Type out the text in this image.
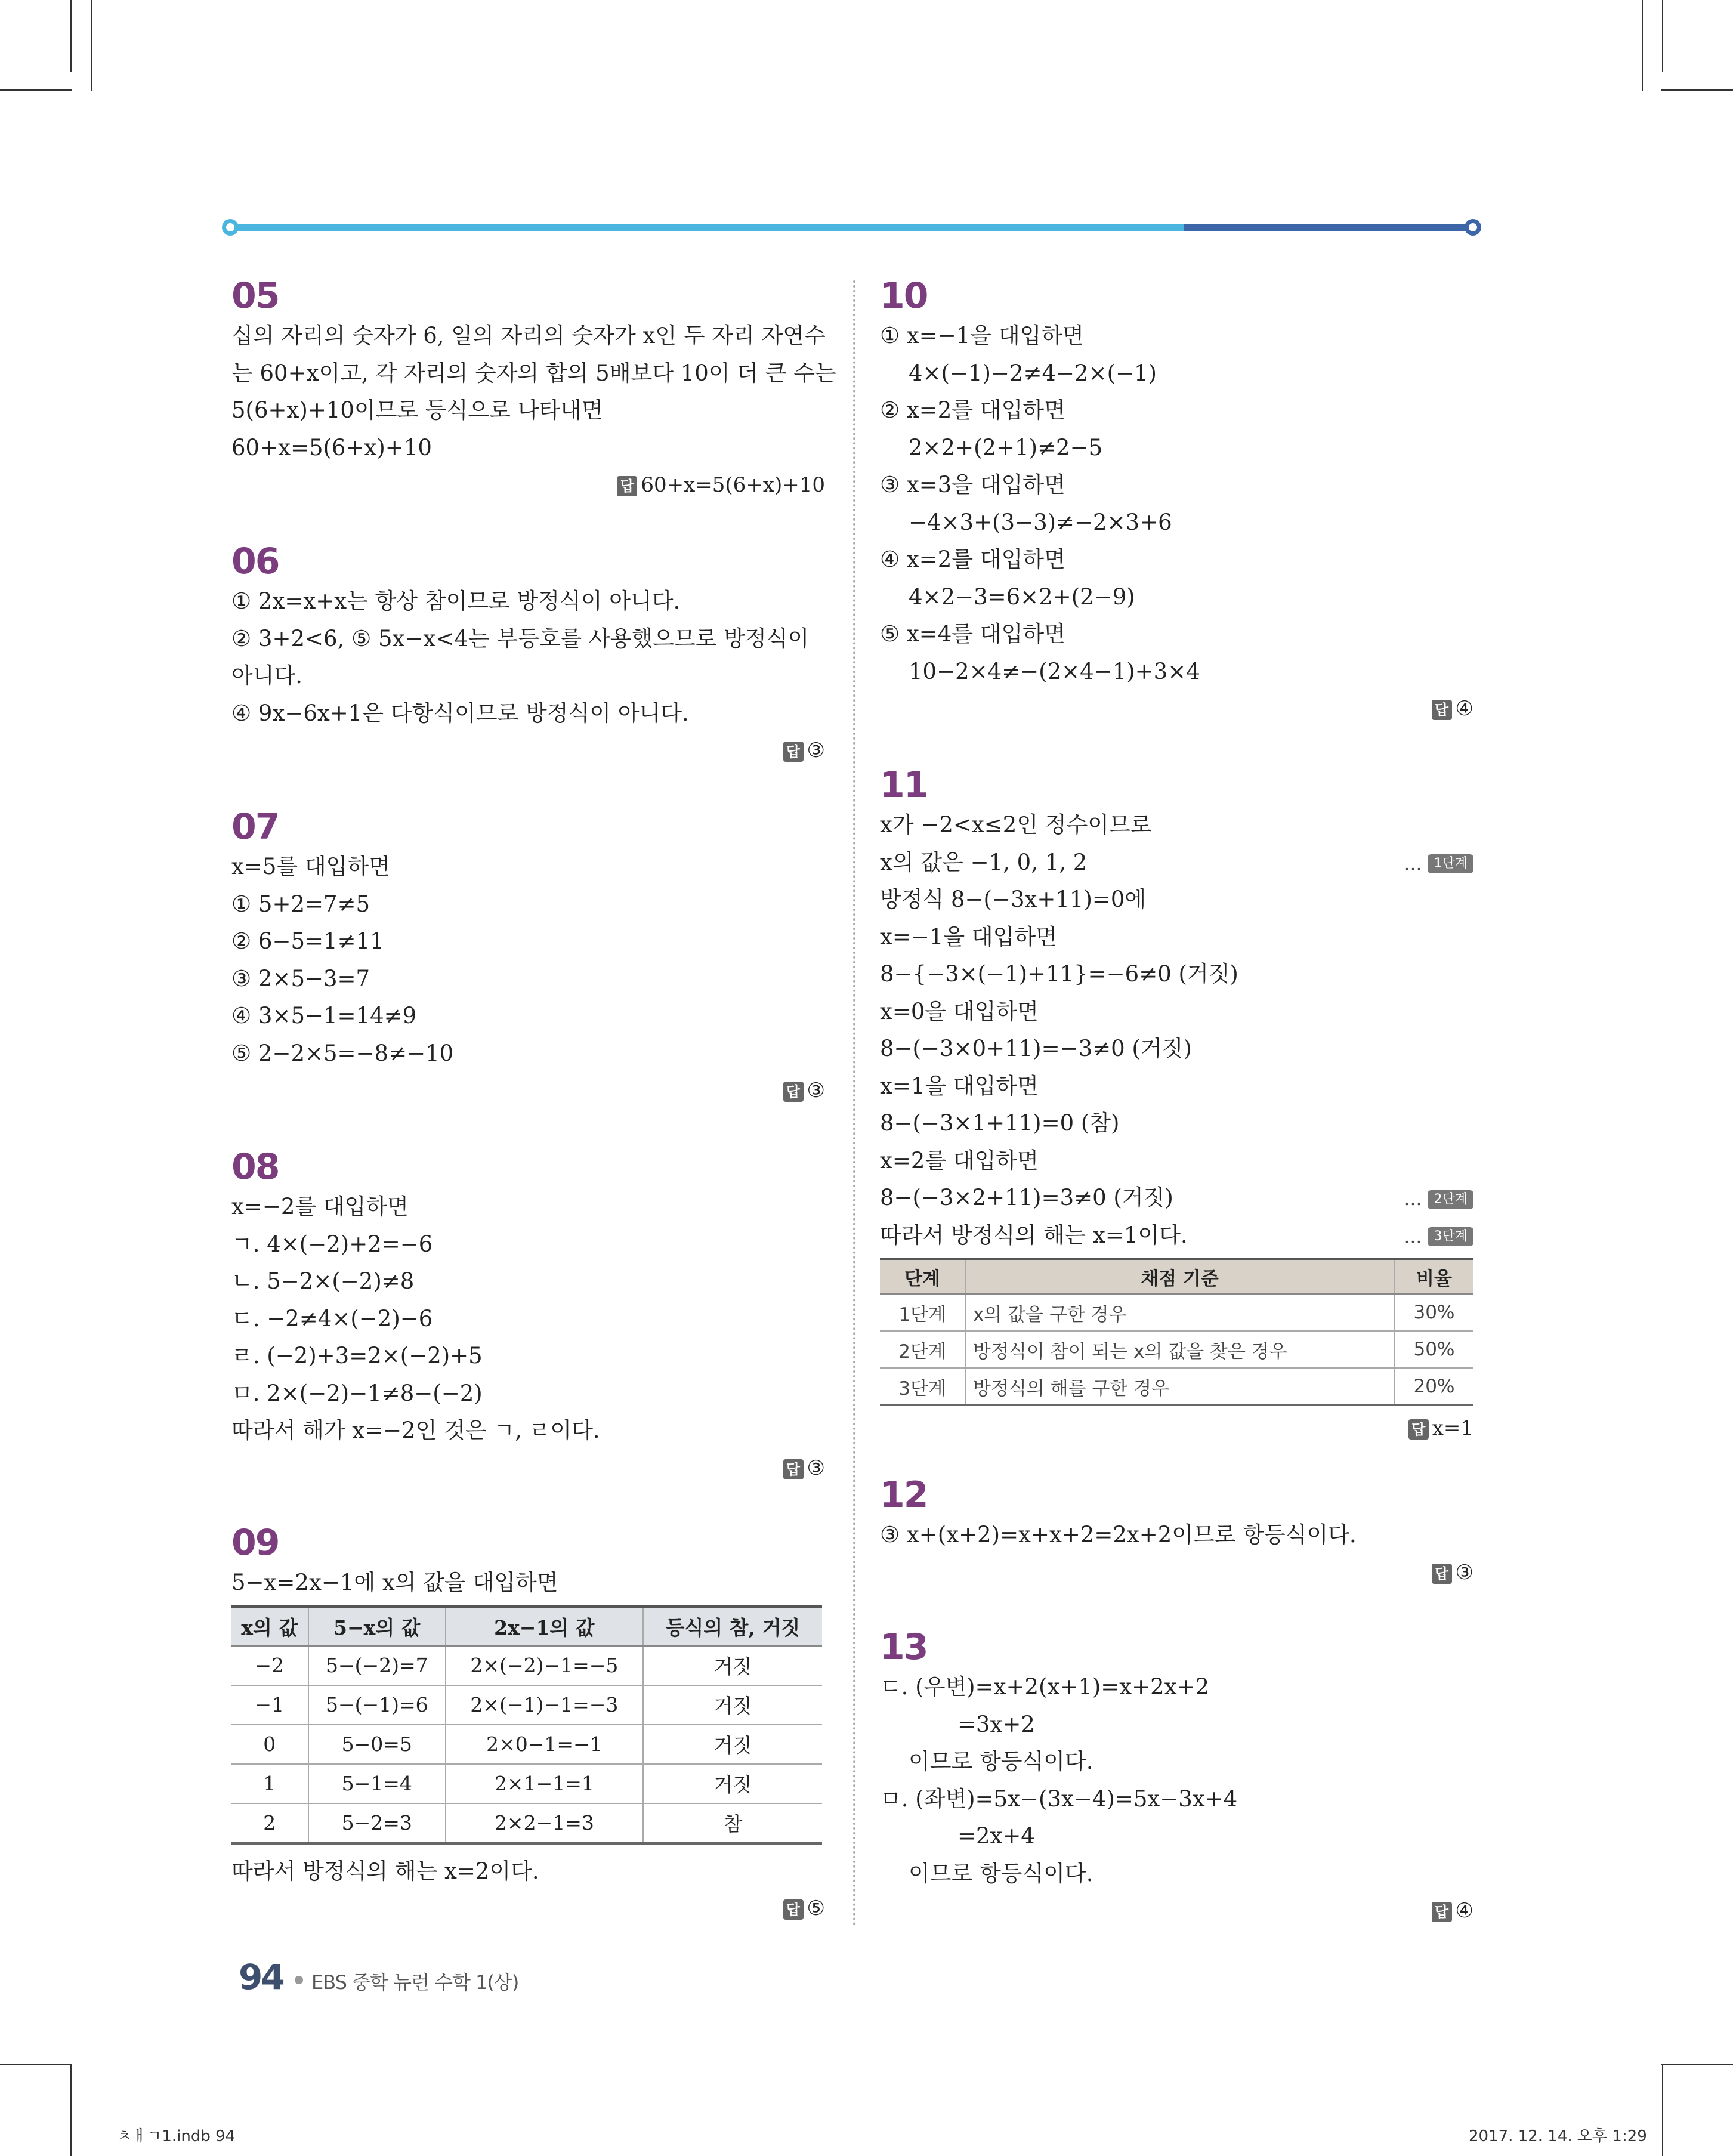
05
십의 자리의 숫자가 6, 일의 자리의 숫자가 x인 두 자리 자연수
는 60+x이고, 각 자리의 숫자의 합의 5배보다 10이 더 큰 수는
5(6+x)+10이므로 등식으로 나타내면
60+x=5(6+x)+10
답 60+x=5(6+x)+10
06
① 2x=x+x는 항상 참이므로 방정식이 아니다.
② 3+2<6, ⑤ 5x−x<4는 부등호를 사용했으므로 방정식이
아니다.
④ 9x−6x+1은 다항식이므로 방정식이 아니다.
답 ③
07
x=5를 대입하면
① 5+2=7≠5
② 6−5=1≠11
③ 2×5−3=7
④ 3×5−1=14≠9
⑤ 2−2×5=−8≠−10
답 ③
08
x=−2를 대입하면
ㄱ. 4×(−2)+2=−6
ㄴ. 5−2×(−2)≠8
ㄷ. −2≠4×(−2)−6
ㄹ. (−2)+3=2×(−2)+5
ㅁ. 2×(−2)−1≠8−(−2)
따라서 해가 x=−2인 것은 ㄱ, ㄹ이다.
답 ③
09
5−x=2x−1에 x의 값을 대입하면
x의 값	5−x의 값	2x−1의 값	등식의 참, 거짓
−2	5−(−2)=7	2×(−2)−1=−5	거짓
−1	5−(−1)=6	2×(−1)−1=−3	거짓
0	5−0=5	2×0−1=−1	거짓
1	5−1=4	2×1−1=1	거짓
2	5−2=3	2×2−1=3	참
따라서 방정식의 해는 x=2이다.
답 ⑤
10
① x=−1을 대입하면
4×(−1)−2≠4−2×(−1)
② x=2를 대입하면
2×2+(2+1)≠2−5
③ x=3을 대입하면
−4×3+(3−3)≠−2×3+6
④ x=2를 대입하면
4×2−3=6×2+(2−9)
⑤ x=4를 대입하면
10−2×4≠−(2×4−1)+3×4
답 ④
11
x가 −2<x≤2인 정수이므로
x의 값은 −1, 0, 1, 2	… 1단계
방정식 8−(−3x+11)=0에
x=−1을 대입하면
8−{−3×(−1)+11}=−6≠0 (거짓)
x=0을 대입하면
8−(−3×0+11)=−3≠0 (거짓)
x=1을 대입하면
8−(−3×1+11)=0 (참)
x=2를 대입하면
8−(−3×2+11)=3≠0 (거짓)	… 2단계
따라서 방정식의 해는 x=1이다.	… 3단계
단계	채점 기준	비율
1단계	x의 값을 구한 경우	30%
2단계	방정식이 참이 되는 x의 값을 찾은 경우	50%
3단계	방정식의 해를 구한 경우	20%
답 x=1
12
③ x+(x+2)=x+x+2=2x+2이므로 항등식이다.
답 ③
13
ㄷ. (우변)=x+2(x+1)=x+2x+2
=3x+2
이므로 항등식이다.
ㅁ. (좌변)=5x−(3x−4)=5x−3x+4
=2x+4
이므로 항등식이다.
답 ④
94 EBS 중학 뉴런 수학 1(상)
ㅊㅐㄱ1.indb 94	2017. 12. 14. 오후 1:29
